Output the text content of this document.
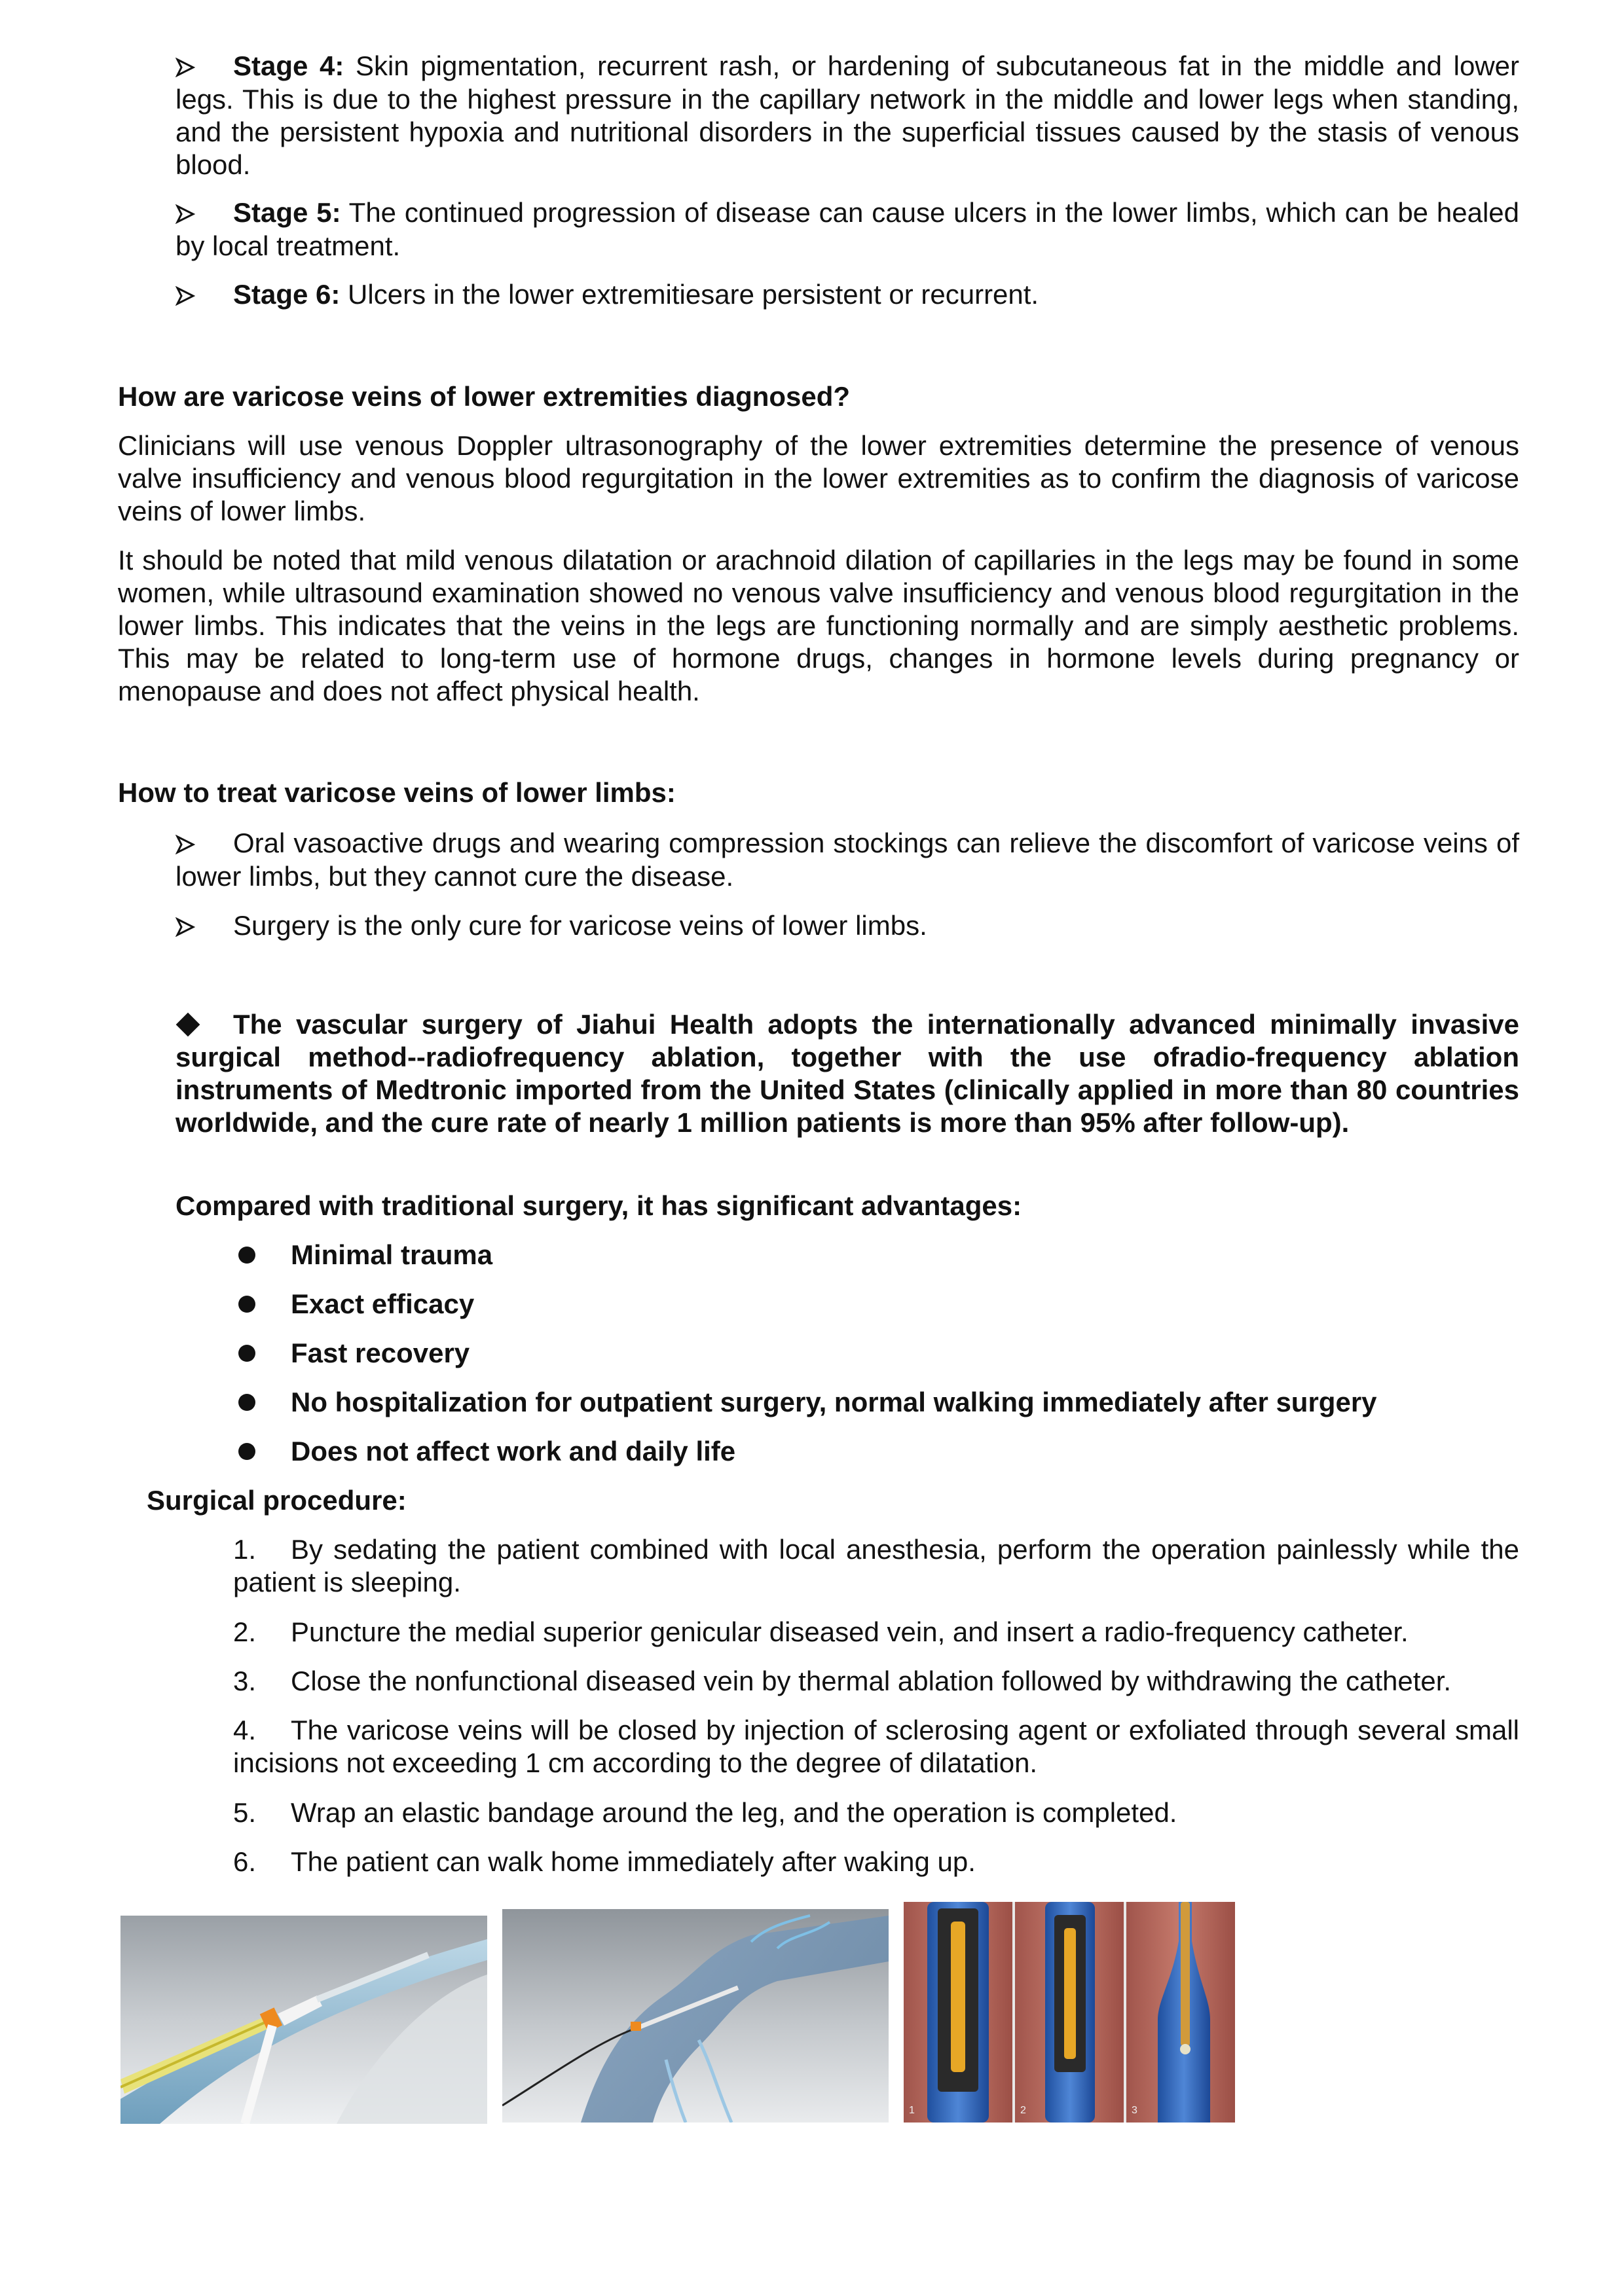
Stage 4: Skin pigmentation, recurrent rash, or hardening of subcutaneous fat in the middle and lower legs. This is due to the highest pressure in the capillary network in the middle and lower legs when standing, and the persistent hypoxia and nutritional disorders in the superficial tissues caused by the stasis of venous blood.

Stage 5: The continued progression of disease can cause ulcers in the lower limbs, which can be healed by local treatment.

Stage 6: Ulcers in the lower extremitiesare persistent or recurrent.

How are varicose veins of lower extremities diagnosed?

Clinicians will use venous Doppler ultrasonography of the lower extremities determine the presence of venous valve insufficiency and venous blood regurgitation in the lower extremities as to confirm the diagnosis of varicose veins of lower limbs.

It should be noted that mild venous dilatation or arachnoid dilation of capillaries in the legs may be found in some women, while ultrasound examination showed no venous valve insufficiency and venous blood regurgitation in the lower limbs. This indicates that the veins in the legs are functioning normally and are simply aesthetic problems. This may be related to long-term use of hormone drugs, changes in hormone levels during pregnancy or menopause and does not affect physical health.

How to treat varicose veins of lower limbs:

Oral vasoactive drugs and wearing compression stockings can relieve the discomfort of varicose veins of lower limbs, but they cannot cure the disease.

Surgery is the only cure for varicose veins of lower limbs.

The vascular surgery of Jiahui Health adopts the internationally advanced minimally invasive surgical method--radiofrequency ablation, together with the use ofradio-frequency ablation instruments of Medtronic imported from the United States (clinically applied in more than 80 countries worldwide, and the cure rate of nearly 1 million patients is more than 95% after follow-up).

Compared with traditional surgery, it has significant advantages:

Minimal trauma

Exact efficacy

Fast recovery

No hospitalization for outpatient surgery, normal walking immediately after surgery

Does not affect work and daily life

Surgical procedure:

1. By sedating the patient combined with local anesthesia, perform the operation painlessly while the patient is sleeping.

2. Puncture the medial superior genicular diseased vein, and insert a radio-frequency catheter.

3. Close the nonfunctional diseased vein by thermal ablation followed by withdrawing the catheter.

4. The varicose veins will be closed by injection of sclerosing agent or exfoliated through several small incisions not exceeding 1 cm according to the degree of dilatation.

5. Wrap an elastic bandage around the leg, and the operation is completed.

6. The patient can walk home immediately after waking up.

1	2	3
